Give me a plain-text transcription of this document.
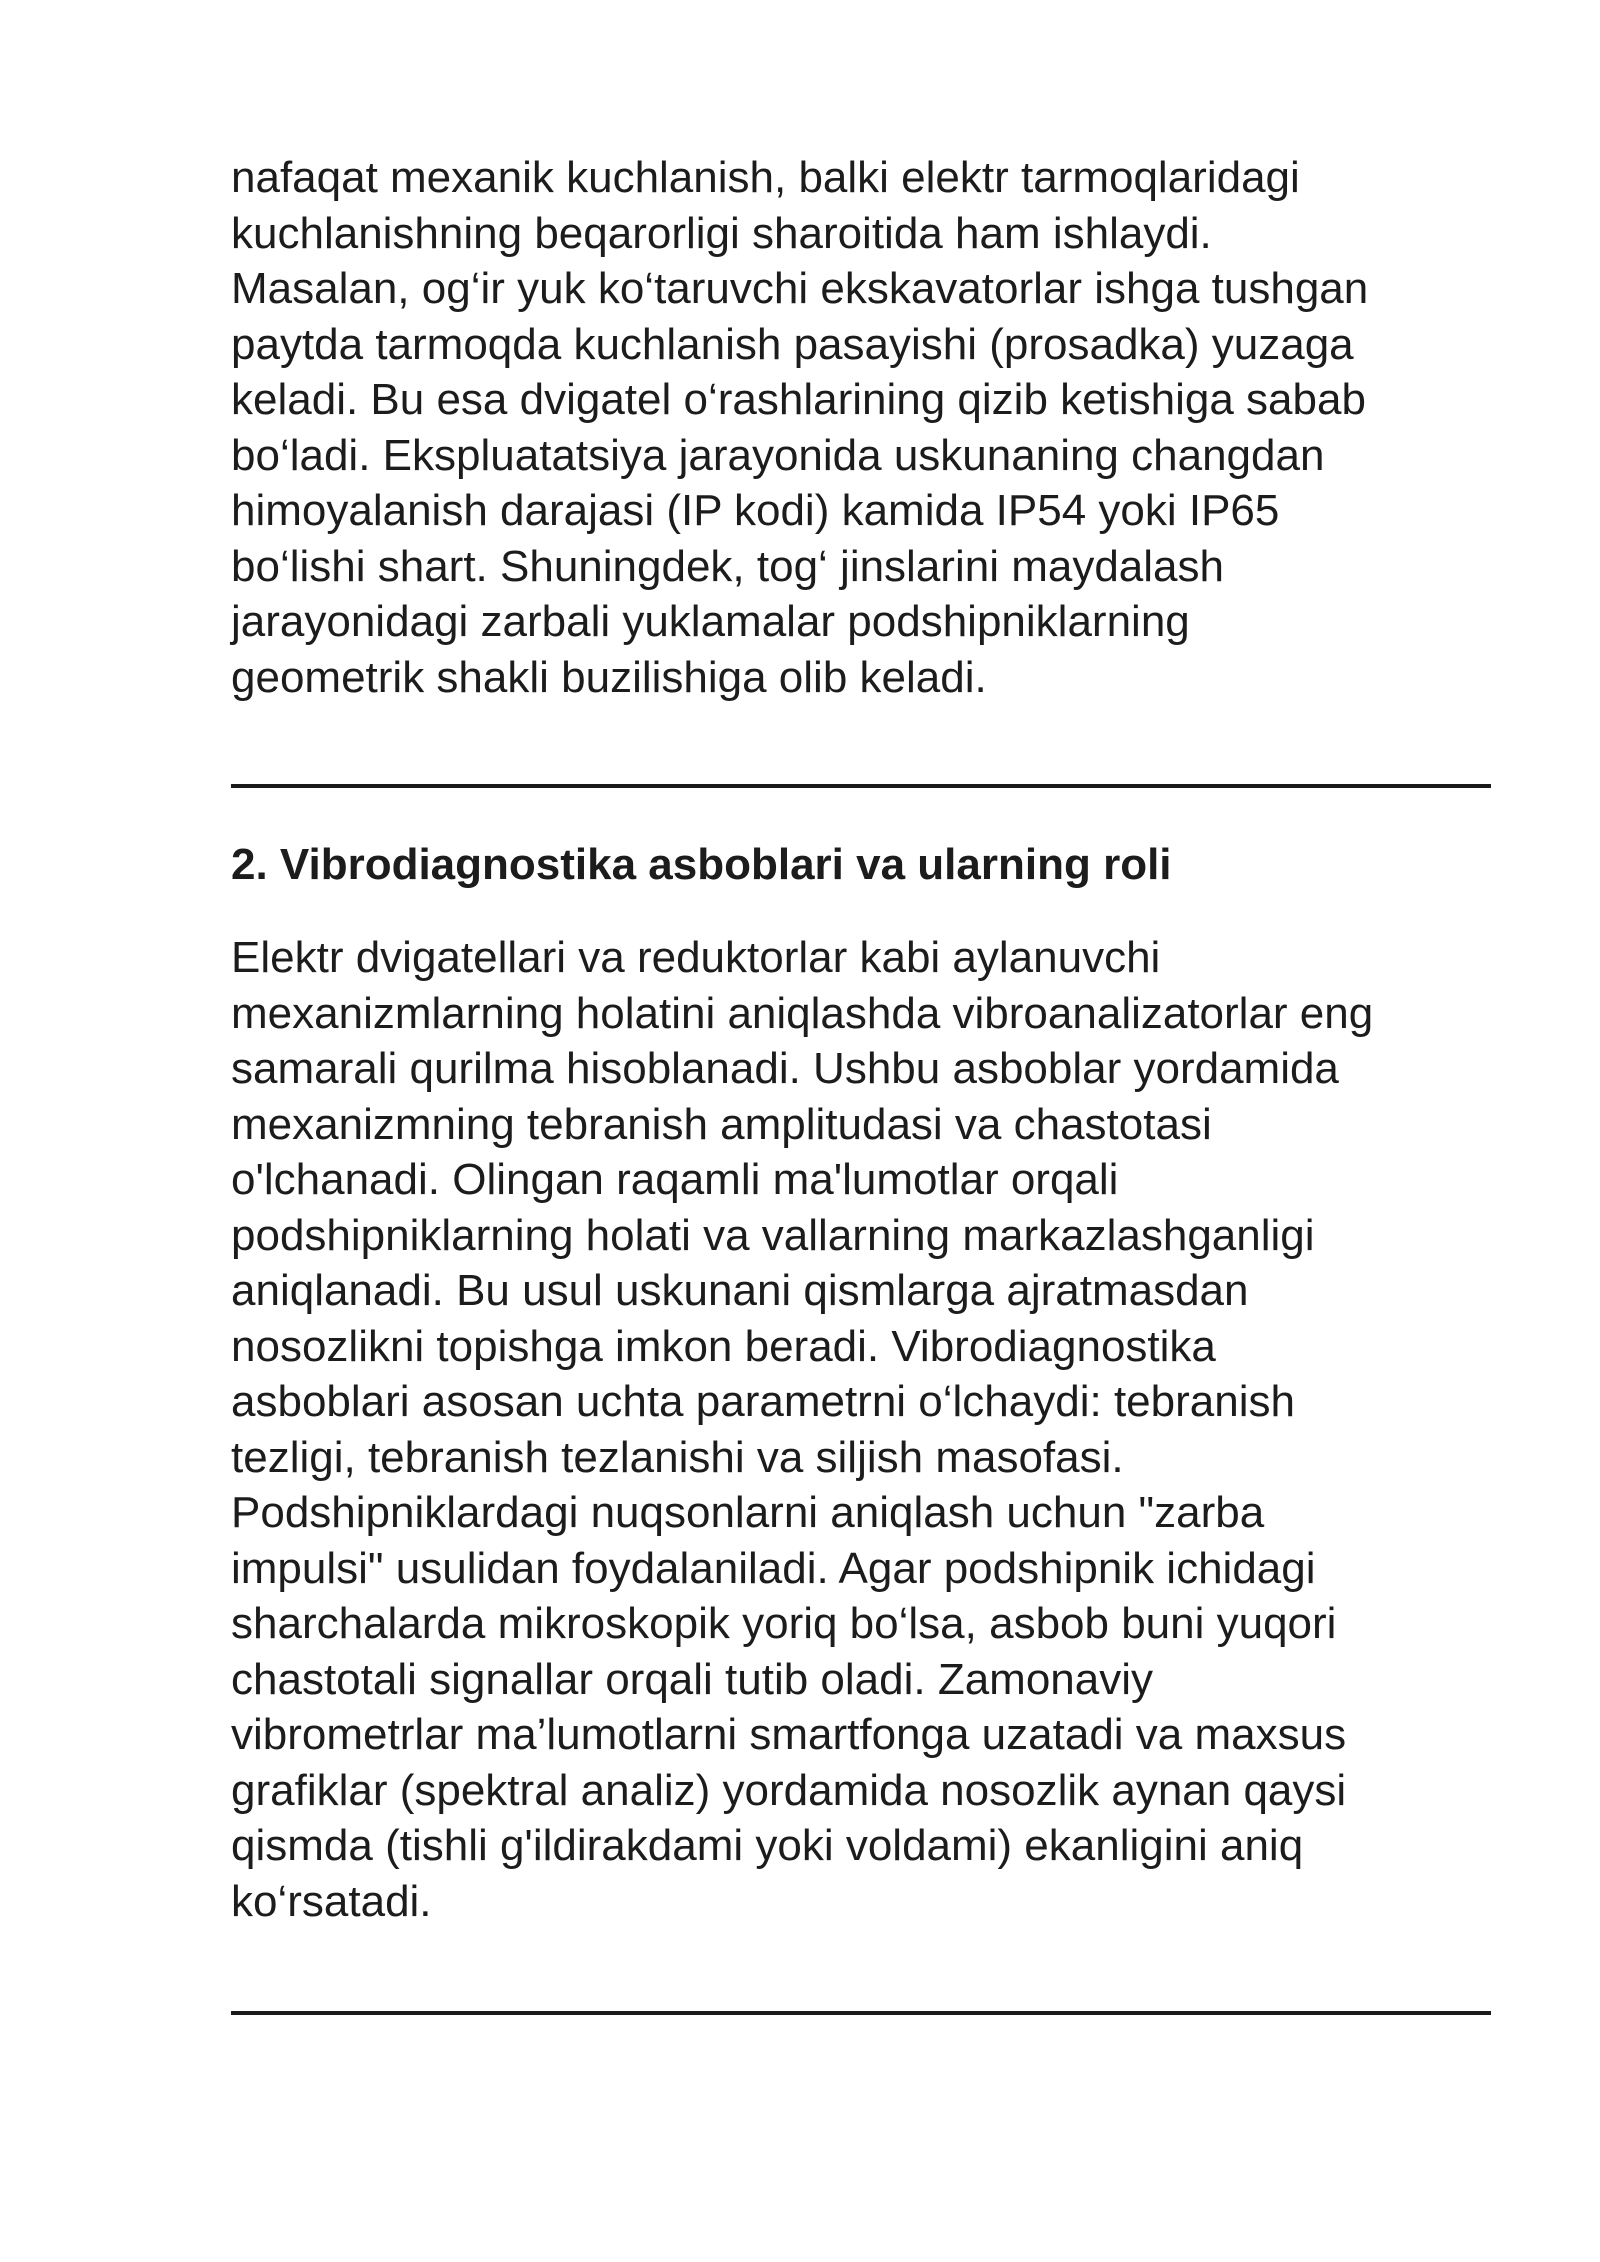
nafaqat mexanik kuchlanish, balki elektr tarmoqlaridagi
kuchlanishning beqarorligi sharoitida ham ishlaydi.
Masalan, og‘ir yuk ko‘taruvchi ekskavatorlar ishga tushgan
paytda tarmoqda kuchlanish pasayishi (prosadka) yuzaga
keladi. Bu esa dvigatel o‘rashlarining qizib ketishiga sabab
bo‘ladi. Ekspluatatsiya jarayonida uskunaning changdan
himoyalanish darajasi (IP kodi) kamida IP54 yoki IP65
bo‘lishi shart. Shuningdek, tog‘ jinslarini maydalash
jarayonidagi zarbali yuklamalar podshipniklarning
geometrik shakli buzilishiga olib keladi.

2. Vibrodiagnostika asboblari va ularning roli

Elektr dvigatellari va reduktorlar kabi aylanuvchi
mexanizmlarning holatini aniqlashda vibroanalizatorlar eng
samarali qurilma hisoblanadi. Ushbu asboblar yordamida
mexanizmning tebranish amplitudasi va chastotasi
o'lchanadi. Olingan raqamli ma'lumotlar orqali
podshipniklarning holati va vallarning markazlashganligi
aniqlanadi. Bu usul uskunani qismlarga ajratmasdan
nosozlikni topishga imkon beradi. Vibrodiagnostika
asboblari asosan uchta parametrni o‘lchaydi: tebranish
tezligi, tebranish tezlanishi va siljish masofasi.
Podshipniklardagi nuqsonlarni aniqlash uchun "zarba
impulsi" usulidan foydalaniladi. Agar podshipnik ichidagi
sharchalarda mikroskopik yoriq bo‘lsa, asbob buni yuqori
chastotali signallar orqali tutib oladi. Zamonaviy
vibrometrlar ma’lumotlarni smartfonga uzatadi va maxsus
grafiklar (spektral analiz) yordamida nosozlik aynan qaysi
qismda (tishli g'ildirakdami yoki voldami) ekanligini aniq
ko‘rsatadi.
